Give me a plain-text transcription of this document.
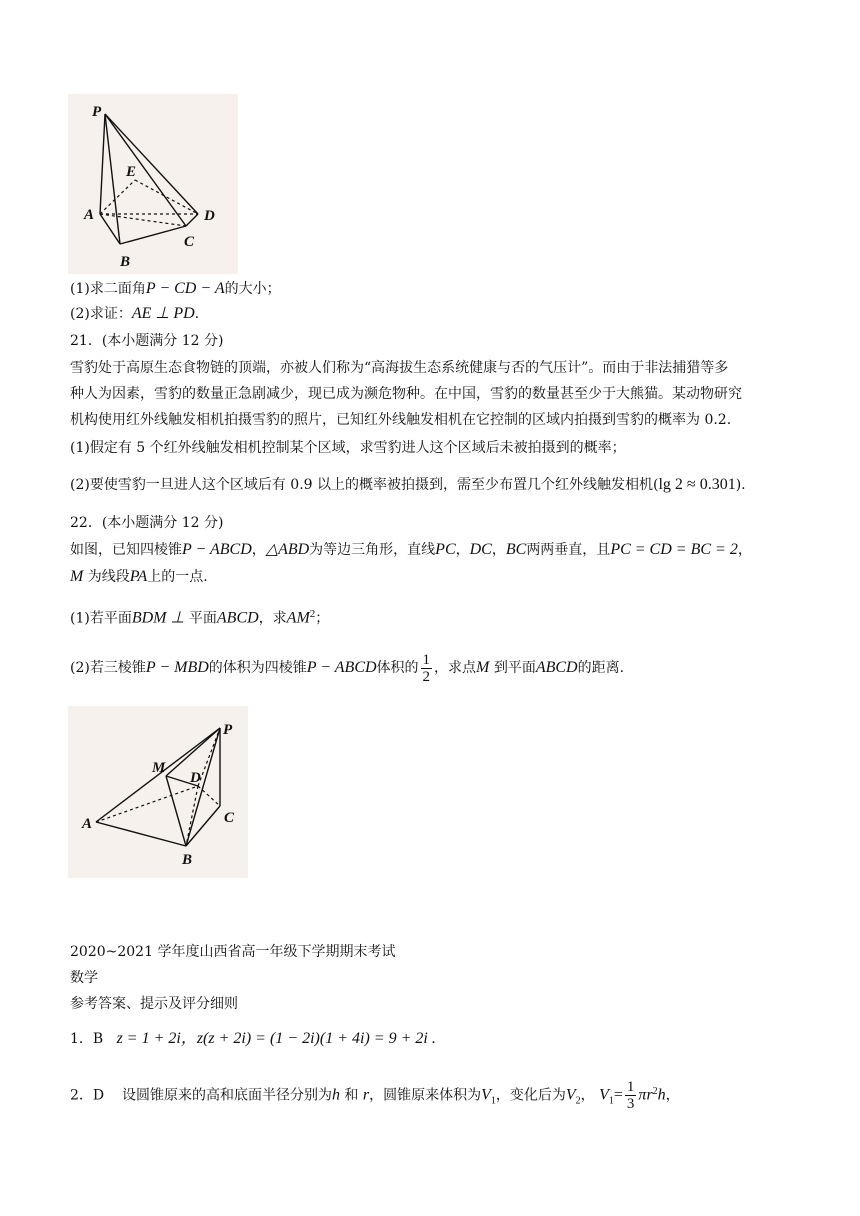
P
E
A	D
C
B
(1)求二面角P − CD − A的大小；
(2)求证：AE ⊥ PD.
21．(本小题满分 12 分)
雪豹处于高原生态食物链的顶端，亦被人们称为“高海拔生态系统健康与否的气压计”。而由于非法捕猎等多
种人为因素，雪豹的数量正急剧减少，现已成为濒危物种。在中国，雪豹的数量甚至少于大熊猫。某动物研究
机构使用红外线触发相机拍摄雪豹的照片，已知红外线触发相机在它控制的区域内拍摄到雪豹的概率为 0.2.
(1)假定有 5 个红外线触发相机控制某个区域，求雪豹进人这个区域后未被拍摄到的概率；
(2)要使雪豹一旦进人这个区域后有 0.9 以上的概率被拍摄到，需至少布置几个红外线触发相机(lg 2 ≈ 0.301).
22．(本小题满分 12 分)
如图，已知四棱锥P − ABCD，△ABD为等边三角形，直线PC，DC，BC两两垂直，且PC = CD = BC = 2，
M 为线段PA上的一点.
(1)若平面BDM ⊥ 平面ABCD，求$AM^2$；
(2)若三棱锥P − MBD的体积为四棱锥P − ABCD体积的 $\frac{1}{2}$ ，求点M 到平面ABCD的距离.
P
M
D
A	C
B
2020~2021 学年度山西省高一年级下学期期末考试
数学
参考答案、提示及评分细则
1．B z = 1 + 2i，z(z + 2i) = (1 − 2i)(1 + 4i) = 9 + 2i .
2．D 设圆锥原来的高和底面半径分别为h 和 r，圆锥原来体积为$V_1$，变化后为$V_2$， $V_1= \frac{1}{3} \pi r^2h$，
